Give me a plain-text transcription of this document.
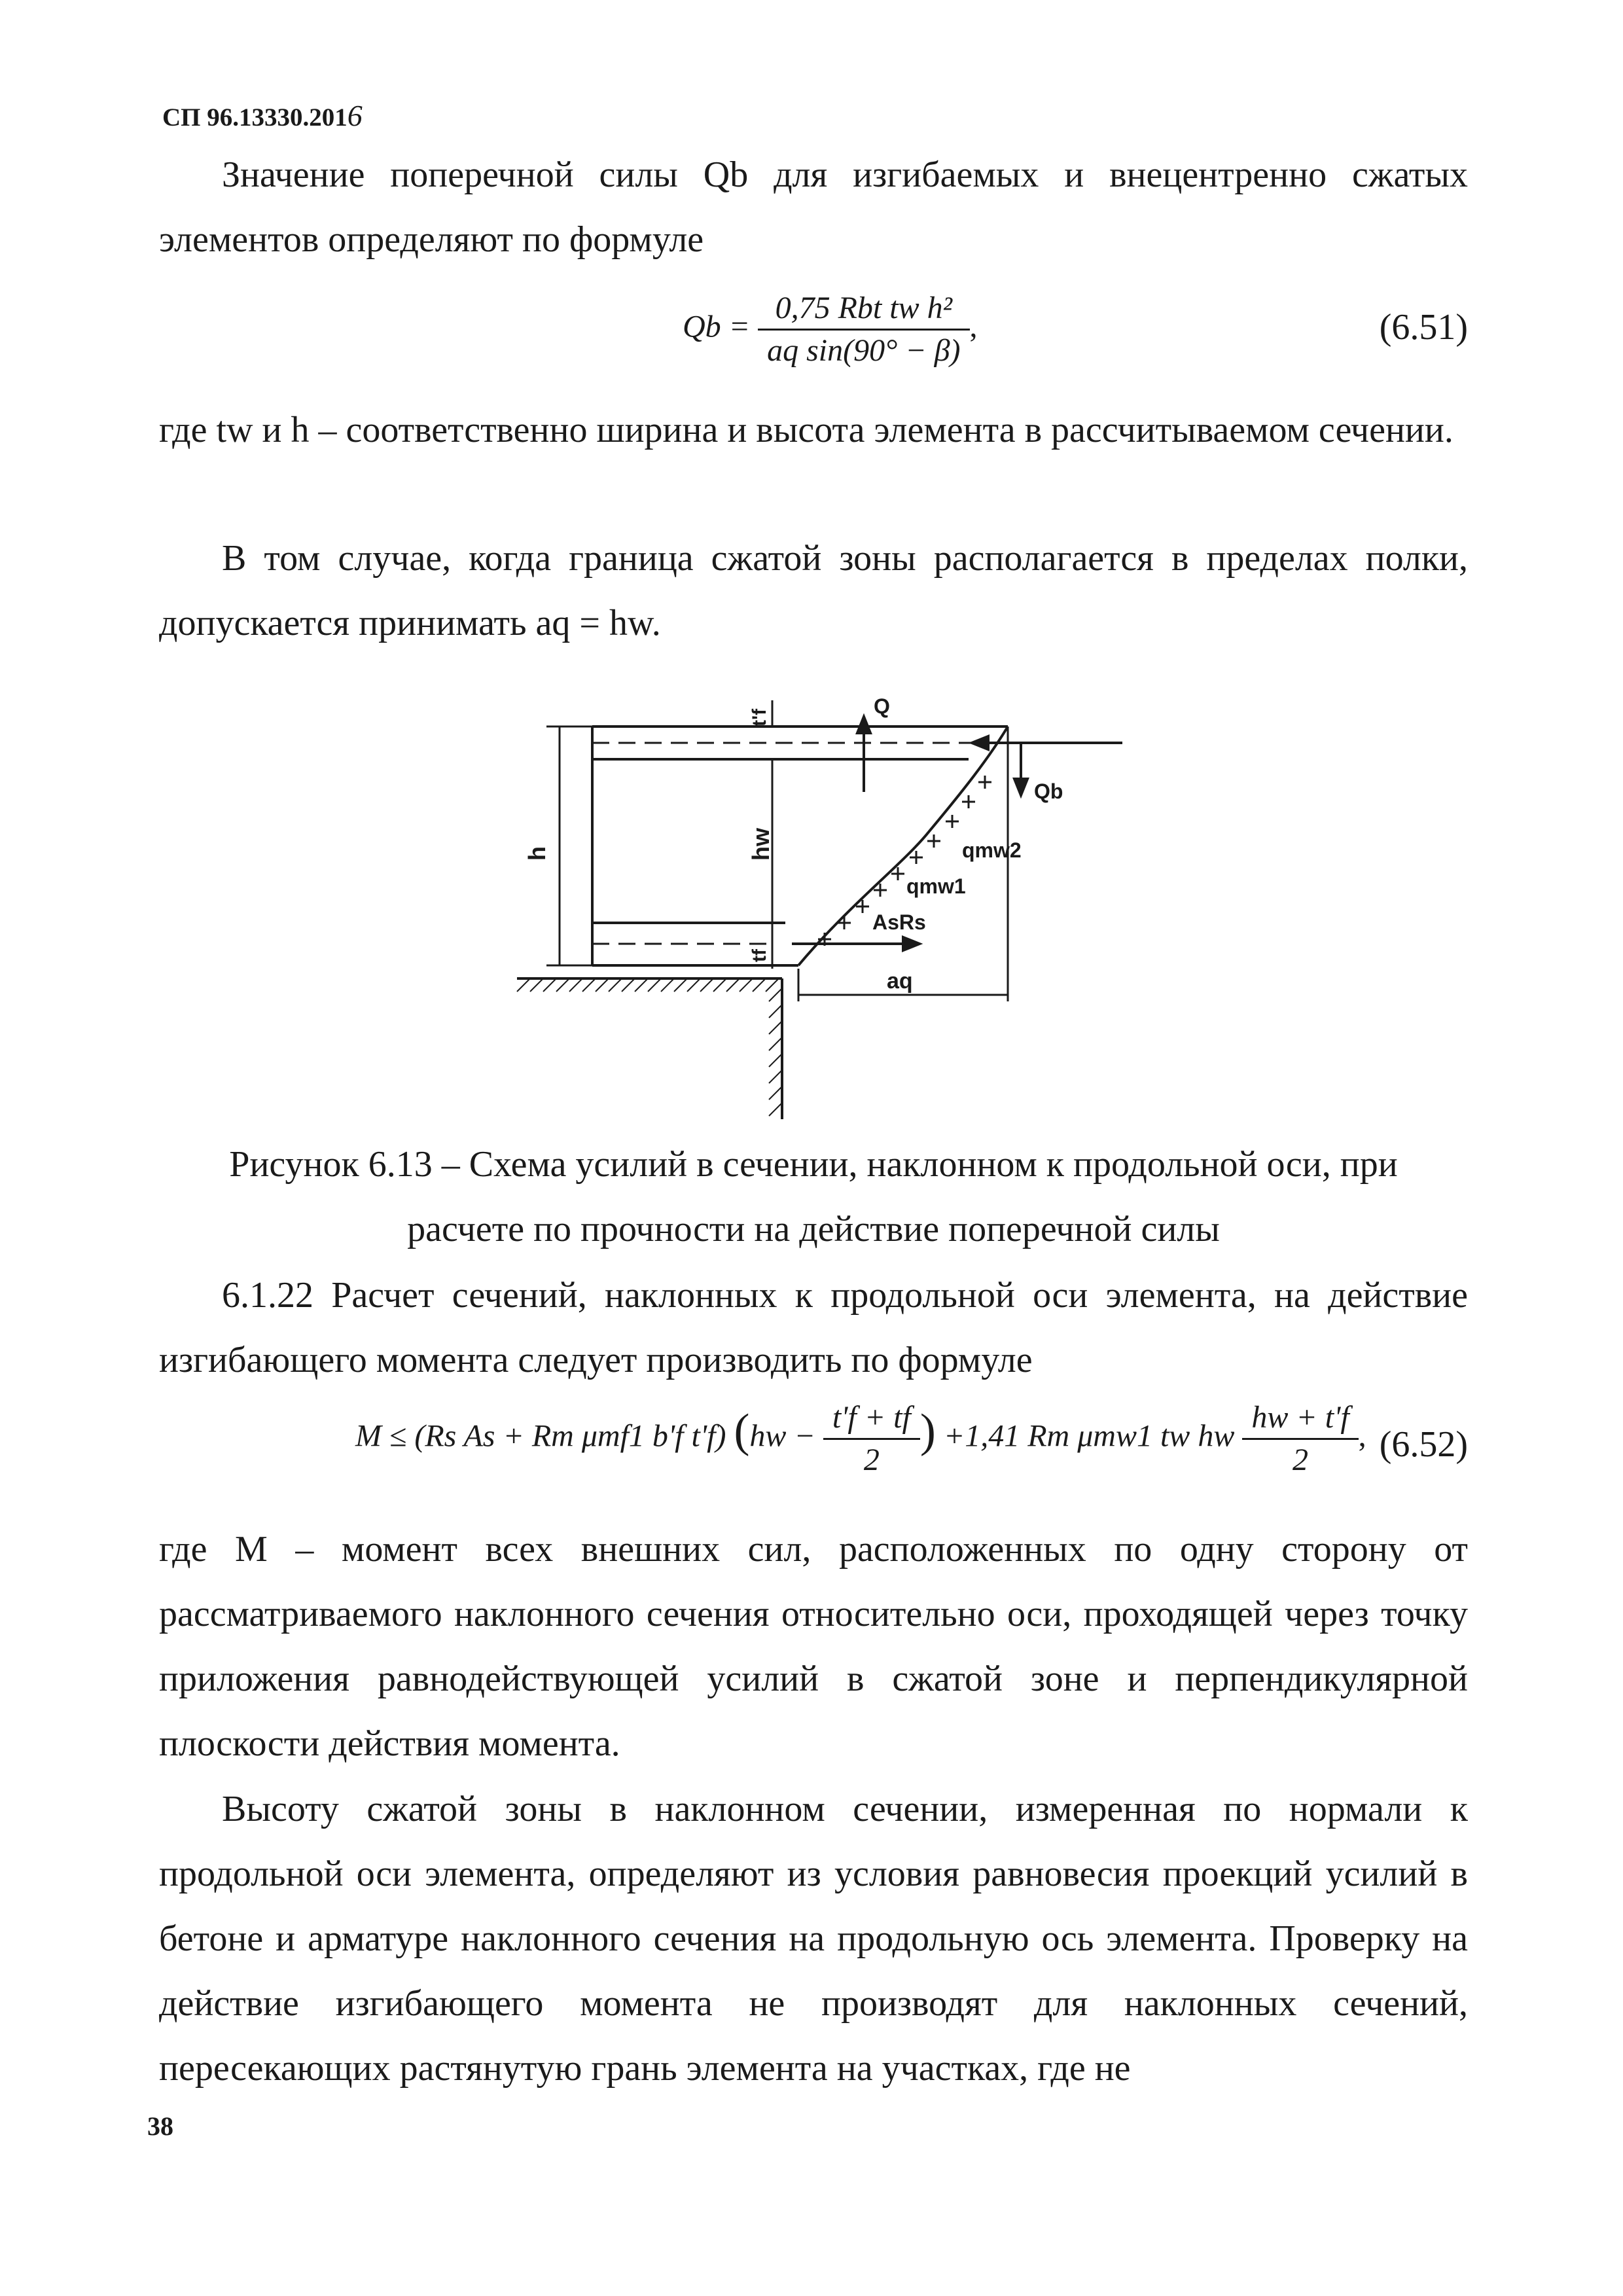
СП 96.13330.2016

Значение поперечной силы Qb для изгибаемых и внецентренно сжатых элементов определяют по формуле

$Qb = \frac{\text{0,75 Rbt tw h²}}{\text{aq sin(90° − β)}}$ ,	(6.51)

где tw и h – соответственно ширина и высота элемента в рассчитываемом сечении.

В том случае, когда граница сжатой зоны располагается в пределах полки, допускается принимать aq = hw.

h	hw
t'f	Q
Qb
qmw2
qmw1
AsRs
tf
aq

Рисунок 6.13 – Схема усилий в сечении, наклонном к продольной оси, при

расчете по прочности на действие поперечной силы

6.1.22 Расчет сечений, наклонных к продольной оси элемента, на действие изгибающего момента следует производить по формуле

M ≤ (Rs As + Rm μmf1 b'f t'f) ($hw - \frac{t'f + tf}{2}$ ) +1,41 Rm μmw1 tw hw $\frac{hw + t'f}{2}$ , (6.52)

где M – момент всех внешних сил, расположенных по одну сторону от рассматриваемого наклонного сечения относительно оси, проходящей через точку приложения равнодействующей усилий в сжатой зоне и перпендикулярной плоскости действия момента.

Высоту сжатой зоны в наклонном сечении, измеренная по нормали к продольной оси элемента, определяют из условия равновесия проекций усилий в бетоне и арматуре наклонного сечения на продольную ось элемента. Проверку на действие изгибающего момента не производят для наклонных сечений, пересекающих растянутую грань элемента на участках, где не

38
